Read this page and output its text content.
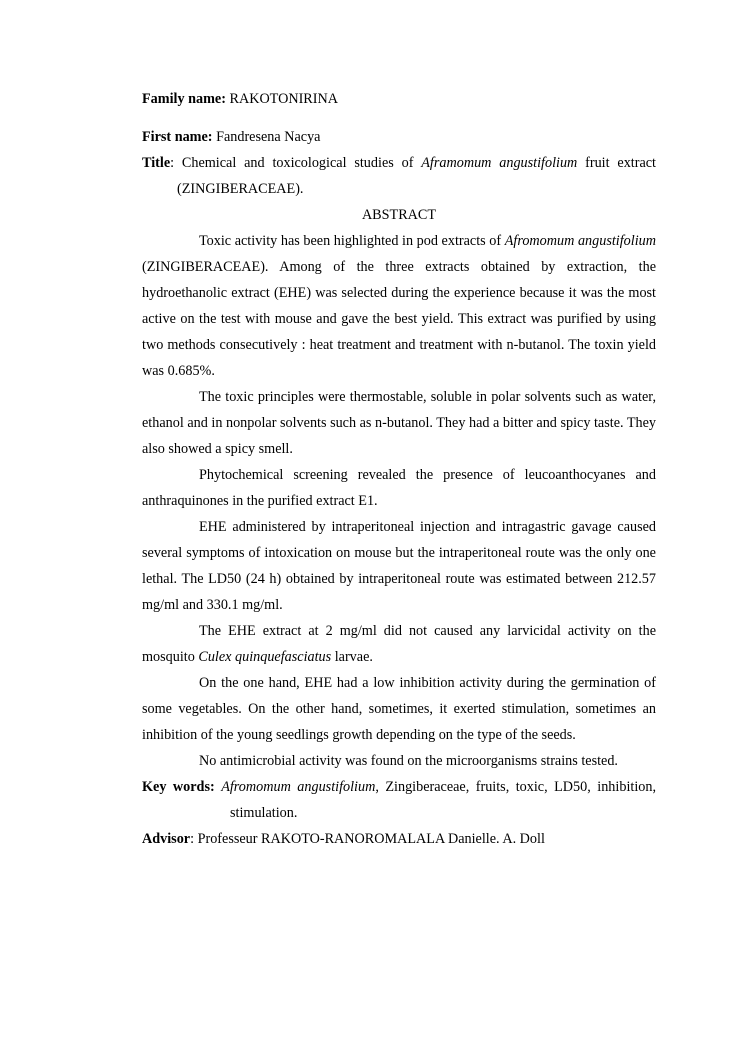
Family name: RAKOTONIRINA

First name: Fandresena Nacya

Title: Chemical and toxicological studies of Aframomum angustifolium fruit extract (ZINGIBERACEAE).

ABSTRACT

Toxic activity has been highlighted in pod extracts of Afromomum angustifolium (ZINGIBERACEAE). Among of the three extracts obtained by extraction, the hydroethanolic extract (EHE) was selected during the experience because it was the most active on the test with mouse and gave the best yield. This extract was purified by using two methods consecutively : heat treatment and treatment with n-butanol. The toxin yield was 0.685%.

The toxic principles were thermostable, soluble in polar solvents such as water, ethanol and in nonpolar solvents such as n-butanol. They had a bitter and spicy taste. They also showed a spicy smell.

Phytochemical screening revealed the presence of leucoanthocyanes and anthraquinones in the purified extract E1.

EHE administered by intraperitoneal injection and intragastric gavage caused several symptoms of intoxication on mouse but the intraperitoneal route was the only one lethal. The LD50 (24 h) obtained by intraperitoneal route was estimated between 212.57 mg/ml and 330.1 mg/ml.

The EHE extract at 2 mg/ml did not caused any larvicidal activity on the mosquito Culex quinquefasciatus larvae.

On the one hand, EHE had a low inhibition activity during the germination of some vegetables. On the other hand, sometimes, it exerted stimulation, sometimes an inhibition of the young seedlings growth depending on the type of the seeds.

No antimicrobial activity was found on the microorganisms strains tested.

Key words: Afromomum angustifolium, Zingiberaceae, fruits, toxic, LD50, inhibition, stimulation.

Advisor: Professeur RAKOTO-RANOROMALALA Danielle. A. Doll
